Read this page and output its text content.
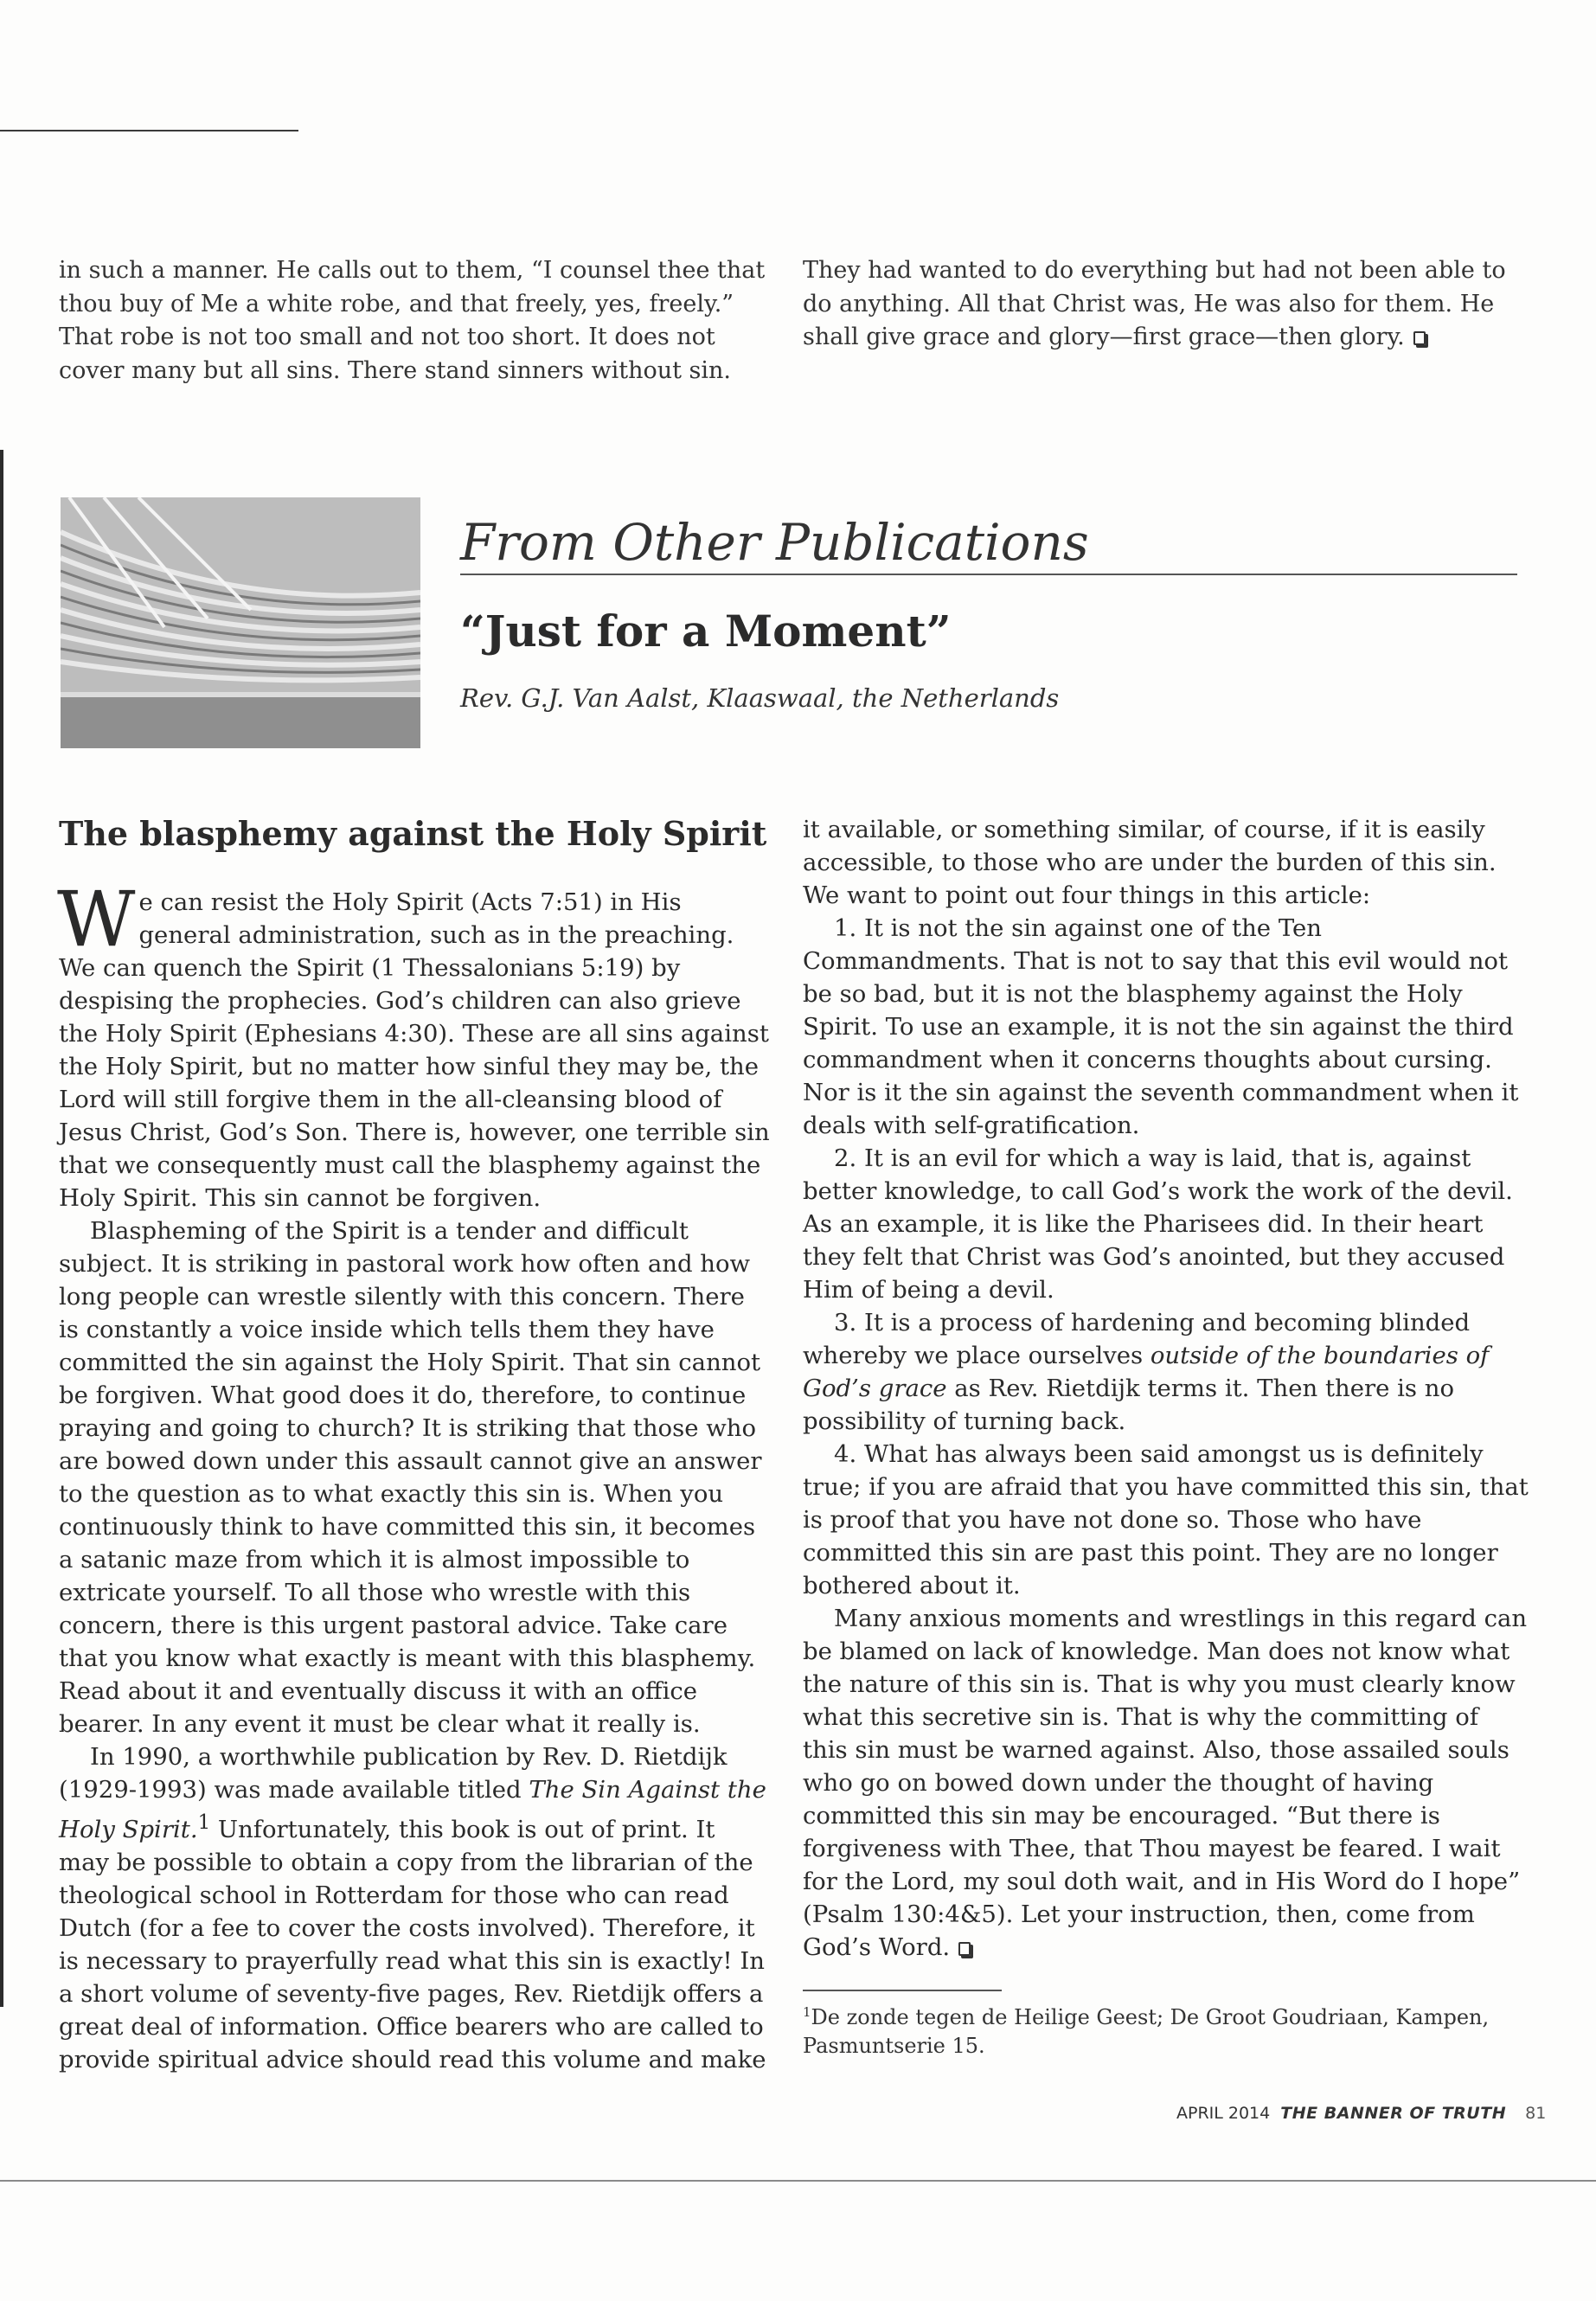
in such a manner. He calls out to them, “I counsel thee that thou buy of Me a white robe, and that freely, yes, freely.” That robe is not too small and not too short. It does not cover many but all sins. There stand sinners without sin.

They had wanted to do everything but had not been able to do anything. All that Christ was, He was also for them. He shall give grace and glory—first grace—then glory.

From Other Publications
“Just for a Moment”
Rev. G.J. Van Aalst, Klaaswaal, the Netherlands

The blasphemy against the Holy Spirit

We can resist the Holy Spirit (Acts 7:51) in His general administration, such as in the preaching. We can quench the Spirit (1 Thessalonians 5:19) by despising the prophecies. God’s children can also grieve the Holy Spirit (Ephesians 4:30). These are all sins against the Holy Spirit, but no matter how sinful they may be, the Lord will still forgive them in the all-cleansing blood of Jesus Christ, God’s Son. There is, however, one terrible sin that we consequently must call the blasphemy against the Holy Spirit. This sin cannot be forgiven.

Blaspheming of the Spirit is a tender and difficult subject. It is striking in pastoral work how often and how long people can wrestle silently with this concern. There is constantly a voice inside which tells them they have committed the sin against the Holy Spirit. That sin cannot be forgiven. What good does it do, therefore, to continue praying and going to church? It is striking that those who are bowed down under this assault cannot give an answer to the question as to what exactly this sin is. When you continuously think to have committed this sin, it becomes a satanic maze from which it is almost impossible to extricate yourself. To all those who wrestle with this concern, there is this urgent pastoral advice. Take care that you know what exactly is meant with this blasphemy. Read about it and eventually discuss it with an office bearer. In any event it must be clear what it really is.

In 1990, a worthwhile publication by Rev. D. Rietdijk (1929-1993) was made available titled The Sin Against the Holy Spirit.$^1$ Unfortunately, this book is out of print. It may be possible to obtain a copy from the librarian of the theological school in Rotterdam for those who can read Dutch (for a fee to cover the costs involved). Therefore, it is necessary to prayerfully read what this sin is exactly! In a short volume of seventy-five pages, Rev. Rietdijk offers a great deal of information. Office bearers who are called to provide spiritual advice should read this volume and make

it available, or something similar, of course, if it is easily accessible, to those who are under the burden of this sin. We want to point out four things in this article:

1. It is not the sin against one of the Ten Commandments. That is not to say that this evil would not be so bad, but it is not the blasphemy against the Holy Spirit. To use an example, it is not the sin against the third commandment when it concerns thoughts about cursing. Nor is it the sin against the seventh commandment when it deals with self-gratification.

2. It is an evil for which a way is laid, that is, against better knowledge, to call God’s work the work of the devil. As an example, it is like the Pharisees did. In their heart they felt that Christ was God’s anointed, but they accused Him of being a devil.

3. It is a process of hardening and becoming blinded whereby we place ourselves outside of the boundaries of God’s grace as Rev. Rietdijk terms it. Then there is no possibility of turning back.

4. What has always been said amongst us is definitely true; if you are afraid that you have committed this sin, that is proof that you have not done so. Those who have committed this sin are past this point. They are no longer bothered about it.

Many anxious moments and wrestlings in this regard can be blamed on lack of knowledge. Man does not know what the nature of this sin is. That is why you must clearly know what this secretive sin is. That is why the committing of this sin must be warned against. Also, those assailed souls who go on bowed down under the thought of having committed this sin may be encouraged. “But there is forgiveness with Thee, that Thou mayest be feared. I wait for the Lord, my soul doth wait, and in His Word do I hope” (Psalm 130:4&5). Let your instruction, then, come from God’s Word.

$^1$De zonde tegen de Heilige Geest; De Groot Goudriaan, Kampen, Pasmuntserie 15.
APRIL 2014 THE BANNER OF TRUTH 81
